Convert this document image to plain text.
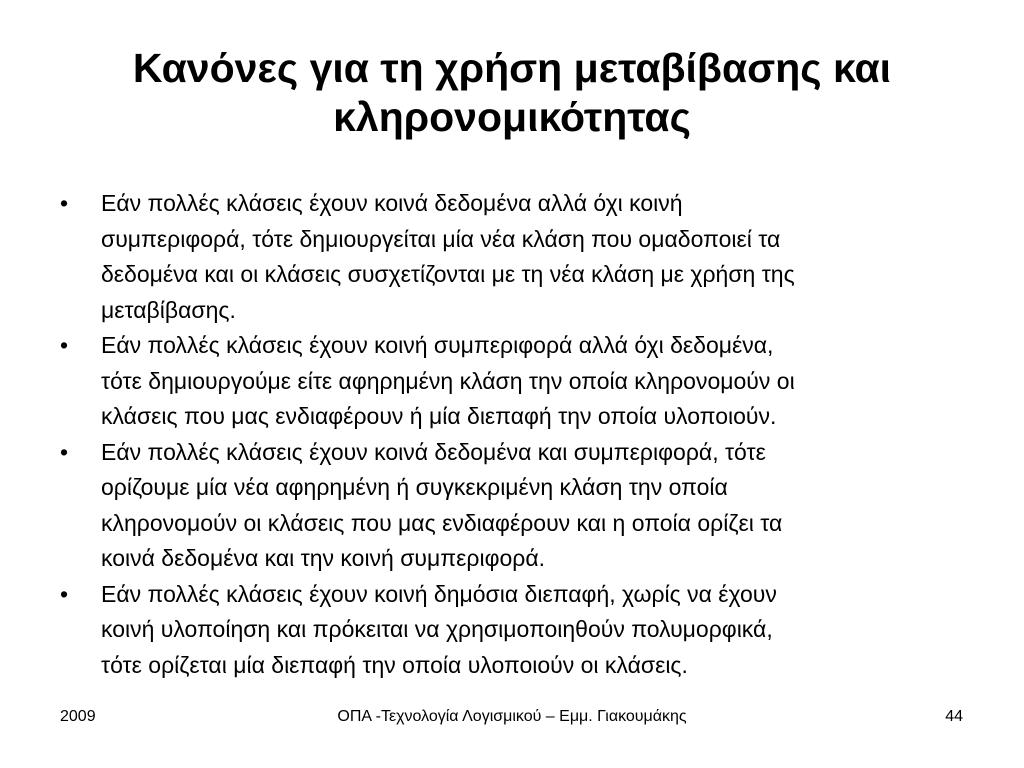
Κανόνες για τη χρήση μεταβίβασης και
κληρονομικότητας
•	Εάν πολλές κλάσεις έχουν κοινά δεδομένα αλλά όχι κοινή
συμπεριφορά, τότε δημιουργείται μία νέα κλάση που ομαδοποιεί τα
δεδομένα και οι κλάσεις συσχετίζονται με τη νέα κλάση με χρήση της
μεταβίβασης.
•	Εάν πολλές κλάσεις έχουν κοινή συμπεριφορά αλλά όχι δεδομένα,
τότε δημιουργούμε είτε αφηρημένη κλάση την οποία κληρονομούν οι
κλάσεις που μας ενδιαφέρουν ή μία διεπαφή την οποία υλοποιούν.
•	Εάν πολλές κλάσεις έχουν κοινά δεδομένα και συμπεριφορά, τότε
ορίζουμε μία νέα αφηρημένη ή συγκεκριμένη κλάση την οποία
κληρονομούν οι κλάσεις που μας ενδιαφέρουν και η οποία ορίζει τα
κοινά δεδομένα και την κοινή συμπεριφορά.
•	Εάν πολλές κλάσεις έχουν κοινή δημόσια διεπαφή, χωρίς να έχουν
κοινή υλοποίηση και πρόκειται να χρησιμοποιηθούν πολυμορφικά,
τότε ορίζεται μία διεπαφή την οποία υλοποιούν οι κλάσεις.
2009	ΟΠΑ -Τεχνολογία Λογισμικού – Εμμ. Γιακουμάκης	44
